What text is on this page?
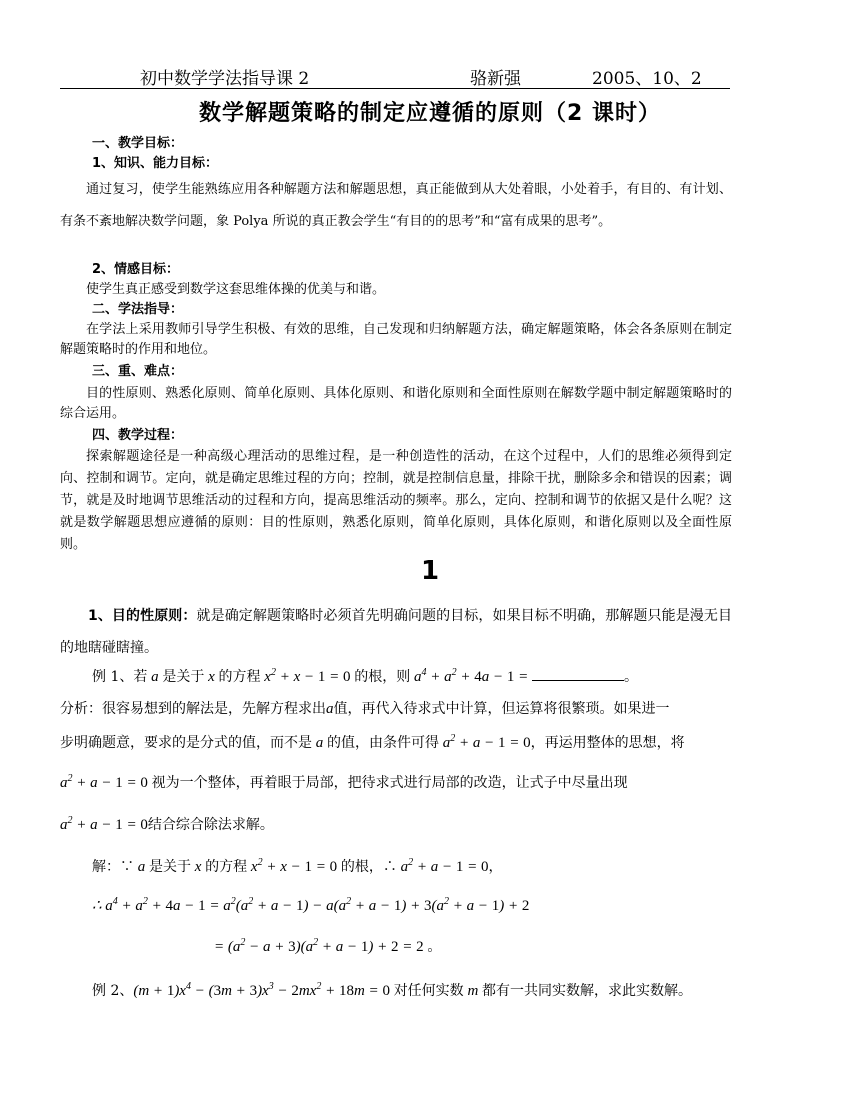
初中数学学法指导课 2	骆新强	2005、10、2
数学解题策略的制定应遵循的原则（2 课时）
一、教学目标：
1、知识、能力目标：
通过复习，使学生能熟练应用各种解题方法和解题思想，真正能做到从大处着眼，小处着手，有目的、有计划、有条不紊地解决数学问题，象 Polya 所说的真正教会学生“有目的的思考”和“富有成果的思考”。
2、情感目标：
使学生真正感受到数学这套思维体操的优美与和谐。
二、学法指导：
在学法上采用教师引导学生积极、有效的思维，自己发现和归纳解题方法，确定解题策略，体会各条原则在制定解题策略时的作用和地位。
三、重、难点：
目的性原则、熟悉化原则、简单化原则、具体化原则、和谐化原则和全面性原则在解数学题中制定解题策略时的综合运用。
四、教学过程：
探索解题途径是一种高级心理活动的思维过程，是一种创造性的活动，在这个过程中，人们的思维必须得到定向、控制和调节。定向，就是确定思维过程的方向；控制，就是控制信息量，排除干扰，删除多余和错误的因素；调节，就是及时地调节思维活动的过程和方向，提高思维活动的频率。那么，定向、控制和调节的依据又是什么呢？这就是数学解题思想应遵循的原则：目的性原则，熟悉化原则，简单化原则，具体化原则，和谐化原则以及全面性原则。
1
1、目的性原则：就是确定解题策略时必须首先明确问题的目标，如果目标不明确，那解题只能是漫无目的地瞎碰瞎撞。
例 1、若 a 是关于 x 的方程 $x^2 + x - 1 = 0$ 的根，则 $a^4 + a^2 + 4a - 1$ =	。
分析：很容易想到的解法是，先解方程求出a值，再代入待求式中计算，但运算将很繁琐。如果进一
步明确题意，要求的是分式的值，而不是 a 的值，由条件可得 $a^2 + a - 1 = 0$，再运用整体的思想，将
$a^2 + a - 1 = 0$ 视为一个整体，再着眼于局部，把待求式进行局部的改造，让式子中尽量出现
$a^2 + a - 1 = 0$结合综合除法求解。
解：∵ a 是关于 x 的方程 $x^2 + x - 1 = 0$ 的根，∴ $a^2 + a - 1 = 0$，
∴ $a^4 + a^2 + 4a - 1 = a^2(a^2 + a - 1) - a(a^2 + a - 1) + 3(a^2 + a - 1) + 2$
= $(a^2 - a + 3)(a^2 + a - 1) + 2 = 2$ 。
例 2、$(m + 1)x^4 - (3m + 3)x^3 - 2mx^2 + 18m = 0$ 对任何实数 m 都有一共同实数解，求此实数解。
